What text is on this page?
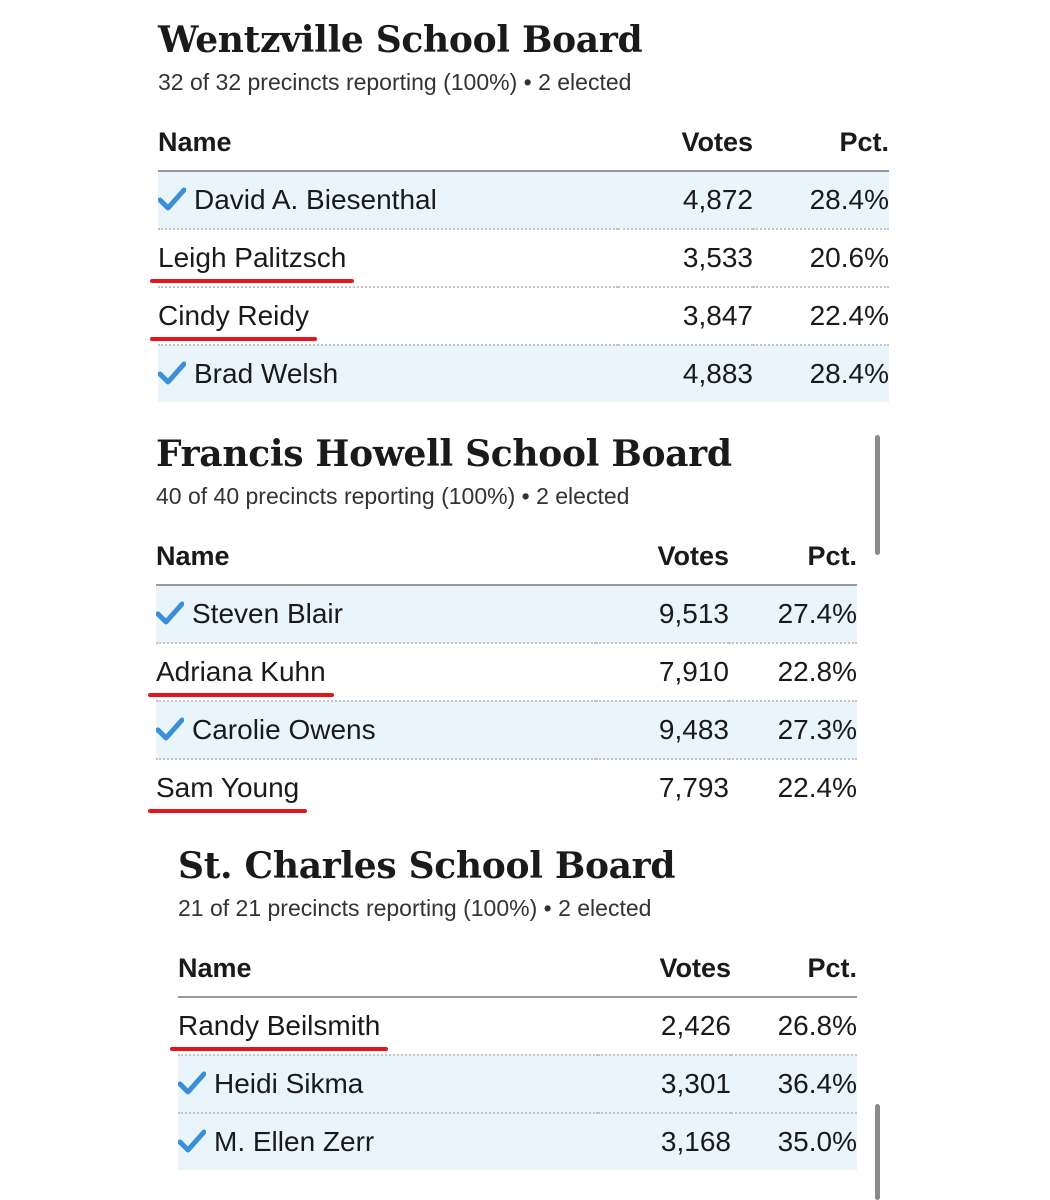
Wentzville School Board
32 of 32 precincts reporting (100%) • 2 elected
Name	Votes	Pct.
David A. Biesenthal	4,872	28.4%
Leigh Palitzsch	3,533	20.6%
Cindy Reidy	3,847	22.4%
Brad Welsh	4,883	28.4%
Francis Howell School Board
40 of 40 precincts reporting (100%) • 2 elected
Name	Votes	Pct.
Steven Blair	9,513	27.4%
Adriana Kuhn	7,910	22.8%
Carolie Owens	9,483	27.3%
Sam Young	7,793	22.4%
St. Charles School Board
21 of 21 precincts reporting (100%) • 2 elected
Name	Votes	Pct.
Randy Beilsmith	2,426	26.8%
Heidi Sikma	3,301	36.4%
M. Ellen Zerr	3,168	35.0%
